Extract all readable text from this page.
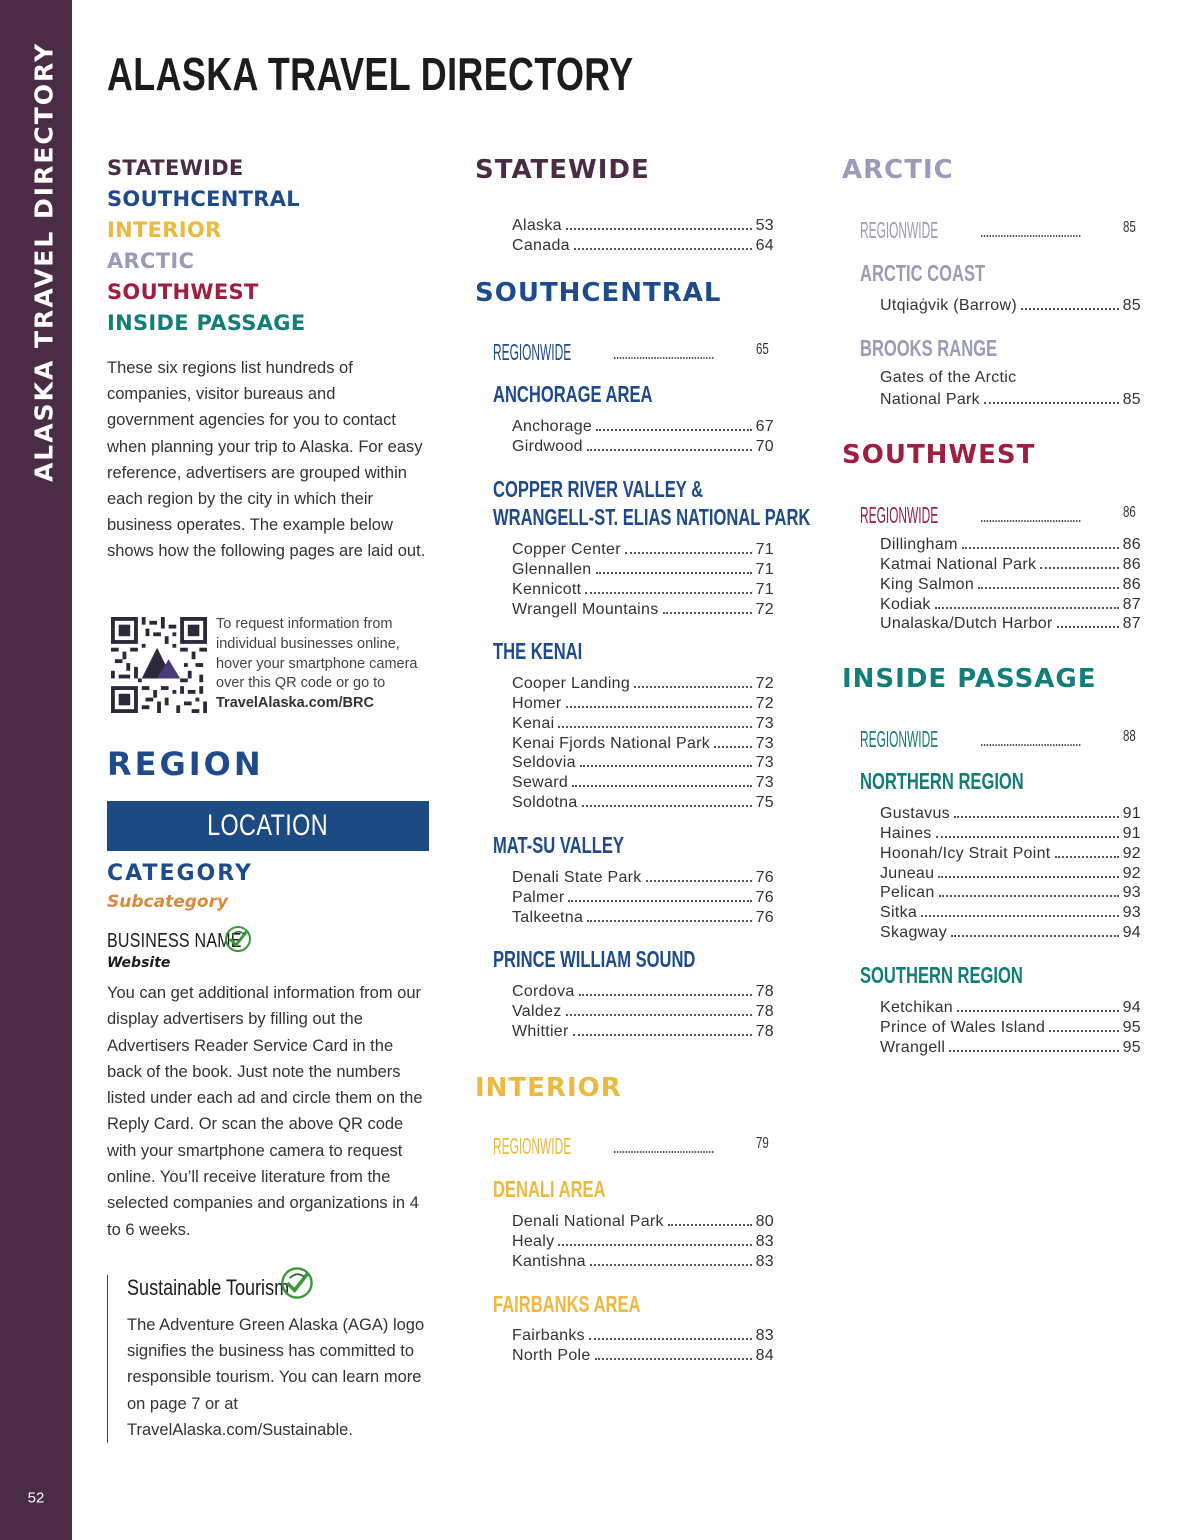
ALASKA TRAVEL DIRECTORY
52
ALASKA TRAVEL DIRECTORY
STATEWIDE
SOUTHCENTRAL
INTERIOR
ARCTIC
SOUTHWEST
INSIDE PASSAGE

These six regions list hundreds of companies, visitor bureaus and government agencies for you to contact when planning your trip to Alaska. For easy reference, advertisers are grouped within each region by the city in which their business operates. The example below shows how the following pages are laid out.

To request information from individual businesses online, hover your smartphone camera over this QR code or go to TravelAlaska.com/BRC

REGION
LOCATION
CATEGORY

Subcategory

BUSINESS NAME

Website

You can get additional information from our display advertisers by filling out the Advertisers Reader Service Card in the back of the book. Just note the numbers listed under each ad and circle them on the Reply Card. Or scan the above QR code with your smartphone camera to request online. You’ll receive literature from the selected companies and organizations in 4 to 6 weeks.

Sustainable Tourism

The Adventure Green Alaska (AGA) logo signifies the business has committed to responsible tourism. You can learn more on page 7 or at TravelAlaska.com/Sustainable.

STATEWIDE
Alaska	53
Canada	64
SOUTHCENTRAL
REGIONWIDE	65
ANCHORAGE AREA
Anchorage	67
Girdwood	70
COPPER RIVER VALLEY &
WRANGELL-ST. ELIAS NATIONAL PARK
Copper Center	71
Glennallen	71
Kennicott	71
Wrangell Mountains	72
THE KENAI
Cooper Landing	72
Homer	72
Kenai	73
Kenai Fjords National Park	73
Seldovia	73
Seward	73
Soldotna	75
MAT-SU VALLEY
Denali State Park	76
Palmer	76
Talkeetna	76
PRINCE WILLIAM SOUND
Cordova	78
Valdez	78
Whittier	78
INTERIOR
REGIONWIDE	79
DENALI AREA
Denali National Park	80
Healy	83
Kantishna	83
FAIRBANKS AREA
Fairbanks	83
North Pole	84
ARCTIC
REGIONWIDE	85
ARCTIC COAST
Utqiaġvik (Barrow)	85
BROOKS RANGE
Gates of the Arctic
National Park	85
SOUTHWEST
REGIONWIDE	86
Dillingham	86
Katmai National Park	86
King Salmon	86
Kodiak	87
Unalaska/Dutch Harbor	87
INSIDE PASSAGE
REGIONWIDE	88
NORTHERN REGION
Gustavus	91
Haines	91
Hoonah/Icy Strait Point	92
Juneau	92
Pelican	93
Sitka	93
Skagway	94
SOUTHERN REGION
Ketchikan	94
Prince of Wales Island	95
Wrangell	95
